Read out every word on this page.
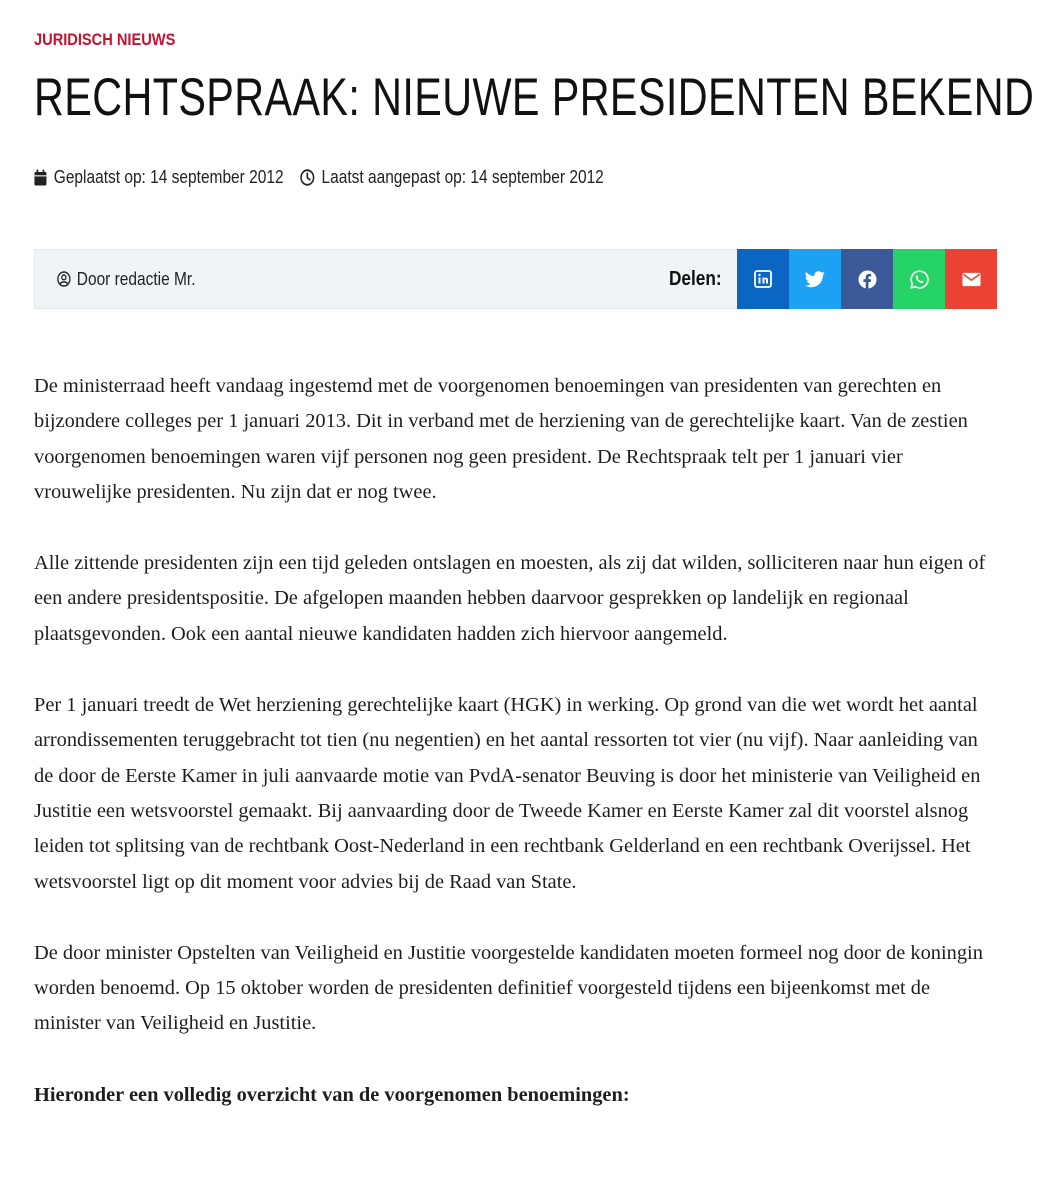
JURIDISCH NIEUWS
RECHTSPRAAK: NIEUWE PRESIDENTEN BEKEND
Geplaatst op: 14 september 2012 Laatst aangepast op: 14 september 2012
Door redactie Mr.	Delen:

De ministerraad heeft vandaag ingestemd met de voorgenomen benoemingen van presidenten van gerechten en bijzondere colleges per 1 januari 2013. Dit in verband met de herziening van de gerechtelijke kaart. Van de zestien voorgenomen benoemingen waren vijf personen nog geen president. De Rechtspraak telt per 1 januari vier vrouwelijke presidenten. Nu zijn dat er nog twee.

Alle zittende presidenten zijn een tijd geleden ontslagen en moesten, als zij dat wilden, solliciteren naar hun eigen of een andere presidentspositie. De afgelopen maanden hebben daarvoor gesprekken op landelijk en regionaal plaatsgevonden. Ook een aantal nieuwe kandidaten hadden zich hiervoor aangemeld.

Per 1 januari treedt de Wet herziening gerechtelijke kaart (HGK) in werking. Op grond van die wet wordt het aantal arrondissementen teruggebracht tot tien (nu negentien) en het aantal ressorten tot vier (nu vijf). Naar aanleiding van de door de Eerste Kamer in juli aanvaarde motie van PvdA-senator Beuving is door het ministerie van Veiligheid en Justitie een wetsvoorstel gemaakt. Bij aanvaarding door de Tweede Kamer en Eerste Kamer zal dit voorstel alsnog leiden tot splitsing van de rechtbank Oost-Nederland in een rechtbank Gelderland en een rechtbank Overijssel. Het wetsvoorstel ligt op dit moment voor advies bij de Raad van State.

De door minister Opstelten van Veiligheid en Justitie voorgestelde kandidaten moeten formeel nog door de koningin worden benoemd. Op 15 oktober worden de presidenten definitief voorgesteld tijdens een bijeenkomst met de minister van Veiligheid en Justitie.

Hieronder een volledig overzicht van de voorgenomen benoemingen:
